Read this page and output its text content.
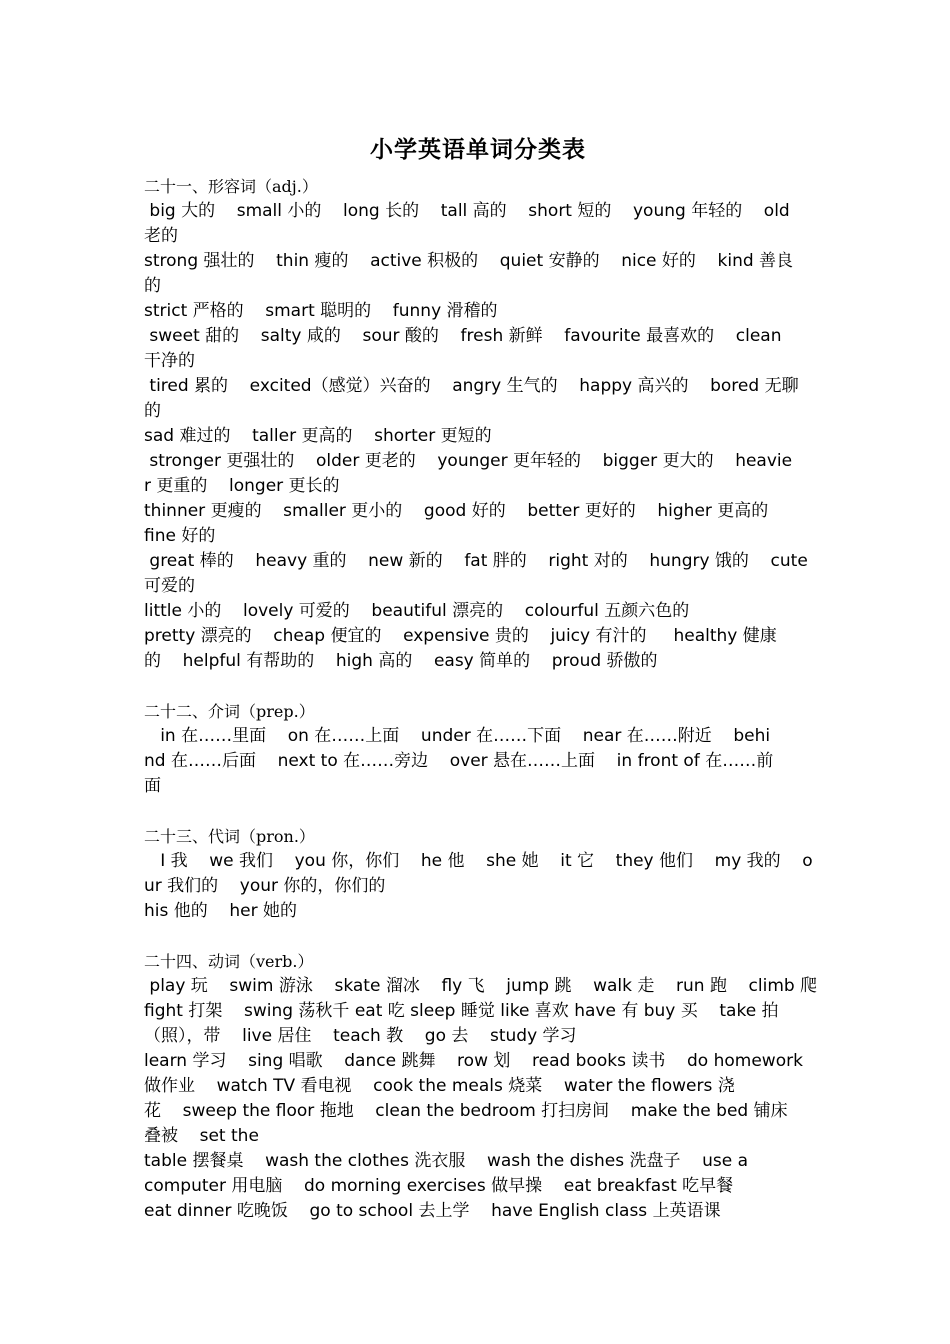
小学英语单词分类表

二十一、形容词（adj.）

big 大的    small 小的    long 长的    tall 高的    short 短的    young 年轻的    old

老的

strong 强壮的    thin 瘦的    active 积极的    quiet 安静的    nice 好的    kind 善良

的

strict 严格的    smart 聪明的    funny 滑稽的

sweet 甜的    salty 咸的    sour 酸的    fresh 新鲜    favourite 最喜欢的    clean

干净的

tired 累的    excited（感觉）兴奋的    angry 生气的    happy 高兴的    bored 无聊

的

sad 难过的    taller 更高的    shorter 更短的

stronger 更强壮的    older 更老的    younger 更年轻的    bigger 更大的    heavie

r 更重的    longer 更长的

thinner 更瘦的    smaller 更小的    good 好的    better 更好的    higher 更高的

fine 好的

great 棒的    heavy 重的    new 新的    fat 胖的    right 对的    hungry 饿的    cute

可爱的

little 小的    lovely 可爱的    beautiful 漂亮的    colourful 五颜六色的

pretty 漂亮的    cheap 便宜的    expensive 贵的    juicy 有汁的     healthy 健康

的    helpful 有帮助的    high 高的    easy 简单的    proud 骄傲的

二十二、介词（prep.）

in 在……里面    on 在……上面    under 在……下面    near 在……附近    behi

nd 在……后面    next to 在……旁边    over 悬在……上面    in front of 在……前

面

二十三、代词（pron.）

I 我    we 我们    you 你，你们    he 他    she 她    it 它    they 他们    my 我的    o

ur 我们的    your 你的，你们的

his 他的    her 她的

二十四、动词（verb.）

play 玩    swim 游泳    skate 溜冰    fly 飞    jump 跳    walk 走    run 跑    climb 爬

fight 打架    swing 荡秋千 eat 吃 sleep 睡觉 like 喜欢 have 有 buy 买    take 拍

（照），带    live 居住    teach 教    go 去    study 学习

learn 学习    sing 唱歌    dance 跳舞    row 划    read books 读书    do homework

做作业    watch TV 看电视    cook the meals 烧菜    water the flowers 浇

花    sweep the floor 拖地    clean the bedroom 打扫房间    make the bed 铺床

叠被    set the

table 摆餐桌    wash the clothes 洗衣服    wash the dishes 洗盘子    use a

computer 用电脑    do morning exercises 做早操    eat breakfast 吃早餐

eat dinner 吃晚饭    go to school 去上学    have English class 上英语课
